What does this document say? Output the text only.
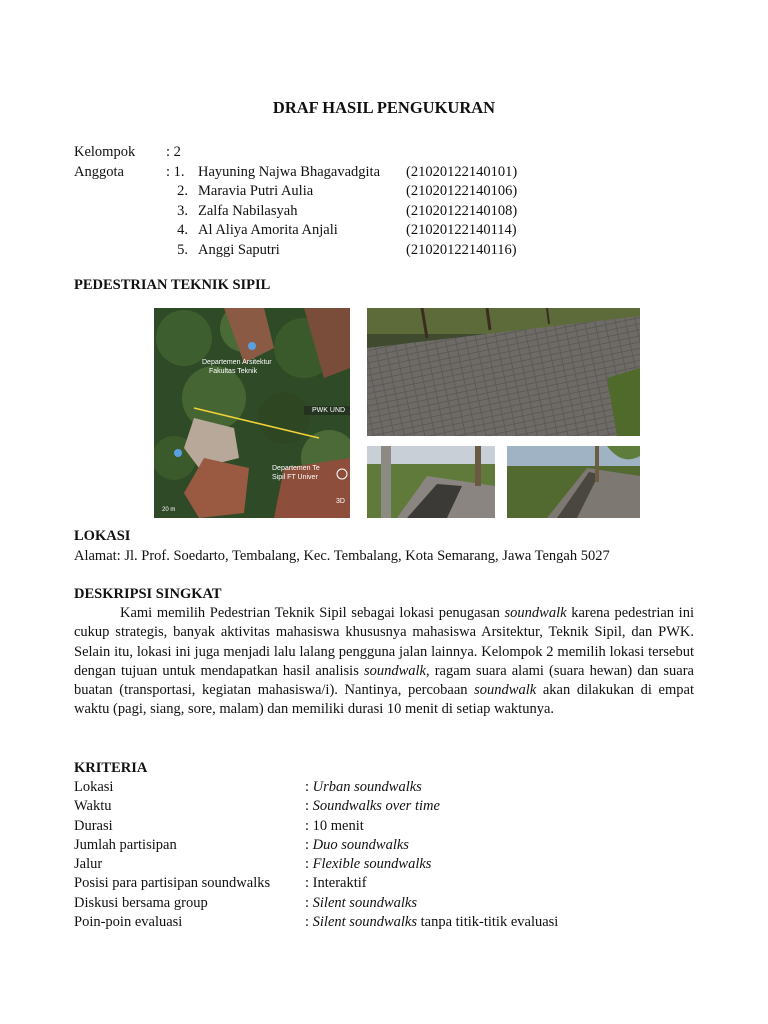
DRAF HASIL PENGUKURAN
Kelompok : 2
Anggota	: 1. Hayuning Najwa Bhagavadgita (21020122140101)
2. Maravia Putri Aulia	(21020122140106)
3. Zalfa Nabilasyah	(21020122140108)
4. Al Aliya Amorita Anjali	(21020122140114)
5. Anggi Saputri	(21020122140116)
PEDESTRIAN TEKNIK SIPIL
Departemen Arsitektur
Fakultas Teknik
PWK UND
Departemen Te
Sipil FT Univer
3D
20 m
LOKASI
Alamat: Jl. Prof. Soedarto, Tembalang, Kec. Tembalang, Kota Semarang, Jawa Tengah 5027
DESKRIPSI SINGKAT
Kami memilih Pedestrian Teknik Sipil sebagai lokasi penugasan soundwalk karena pedestrian ini cukup strategis, banyak aktivitas mahasiswa khususnya mahasiswa Arsitektur, Teknik Sipil, dan PWK. Selain itu, lokasi ini juga menjadi lalu lalang pengguna jalan lainnya. Kelompok 2 memilih lokasi tersebut dengan tujuan untuk mendapatkan hasil analisis soundwalk, ragam suara alami (suara hewan) dan suara buatan (transportasi, kegiatan mahasiswa/i). Nantinya, percobaan soundwalk akan dilakukan di empat waktu (pagi, siang, sore, malam) dan memiliki durasi 10 menit di setiap waktunya.
KRITERIA
Lokasi	: Urban soundwalks
Waktu	: Soundwalks over time
Durasi	: 10 menit
Jumlah partisipan	: Duo soundwalks
Jalur	: Flexible soundwalks
Posisi para partisipan soundwalks : Interaktif
Diskusi bersama group	: Silent soundwalks
Poin-poin evaluasi	: Silent soundwalks tanpa titik-titik evaluasi
